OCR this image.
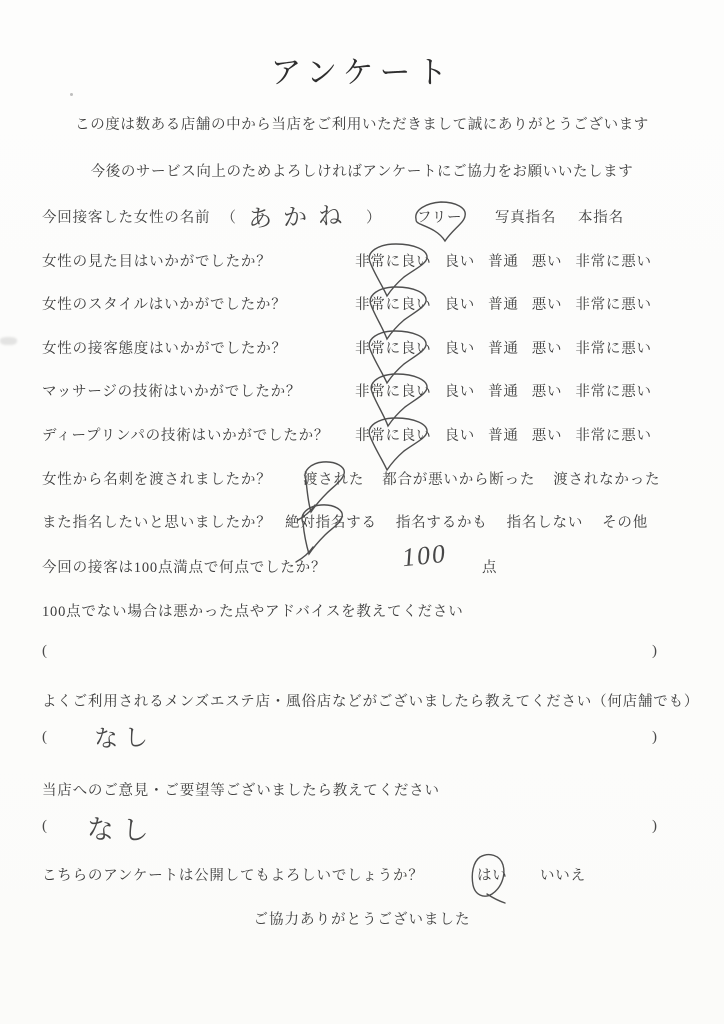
アンケート
この度は数ある店舗の中から当店をご利用いただきまして誠にありがとうございます
今後のサービス向上のためよろしければアンケートにご協力をお願いいたします
今回接客した女性の名前 （ あかね ） フリー 写真指名 本指名
女性の見た目はいかがでしたか？	非常に良い 良い 普通 悪い 非常に悪い
女性のスタイルはいかがでしたか？	非常に良い 良い 普通 悪い 非常に悪い
女性の接客態度はいかがでしたか？	非常に良い 良い 普通 悪い 非常に悪い
マッサージの技術はいかがでしたか？	非常に良い 良い 普通 悪い 非常に悪い
ディープリンパの技術はいかがでしたか？ 非常に良い 良い 普通 悪い 非常に悪い
女性から名刺を渡されましたか？ 渡された 都合が悪いから断った 渡されなかった
また指名したいと思いましたか？ 絶対指名する 指名するかも 指名しない その他
今回の接客は100点満点で何点でしたか？	100 点
100点でない場合は悪かった点やアドバイスを教えてください
(	)
よくご利用されるメンズエステ店・風俗店などがございましたら教えてください（何店舗でも）
( なし	)
当店へのご意見・ご要望等ございましたら教えてください
( なし	)
こちらのアンケートは公開してもよろしいでしょうか？	はい いいえ
ご協力ありがとうございました
